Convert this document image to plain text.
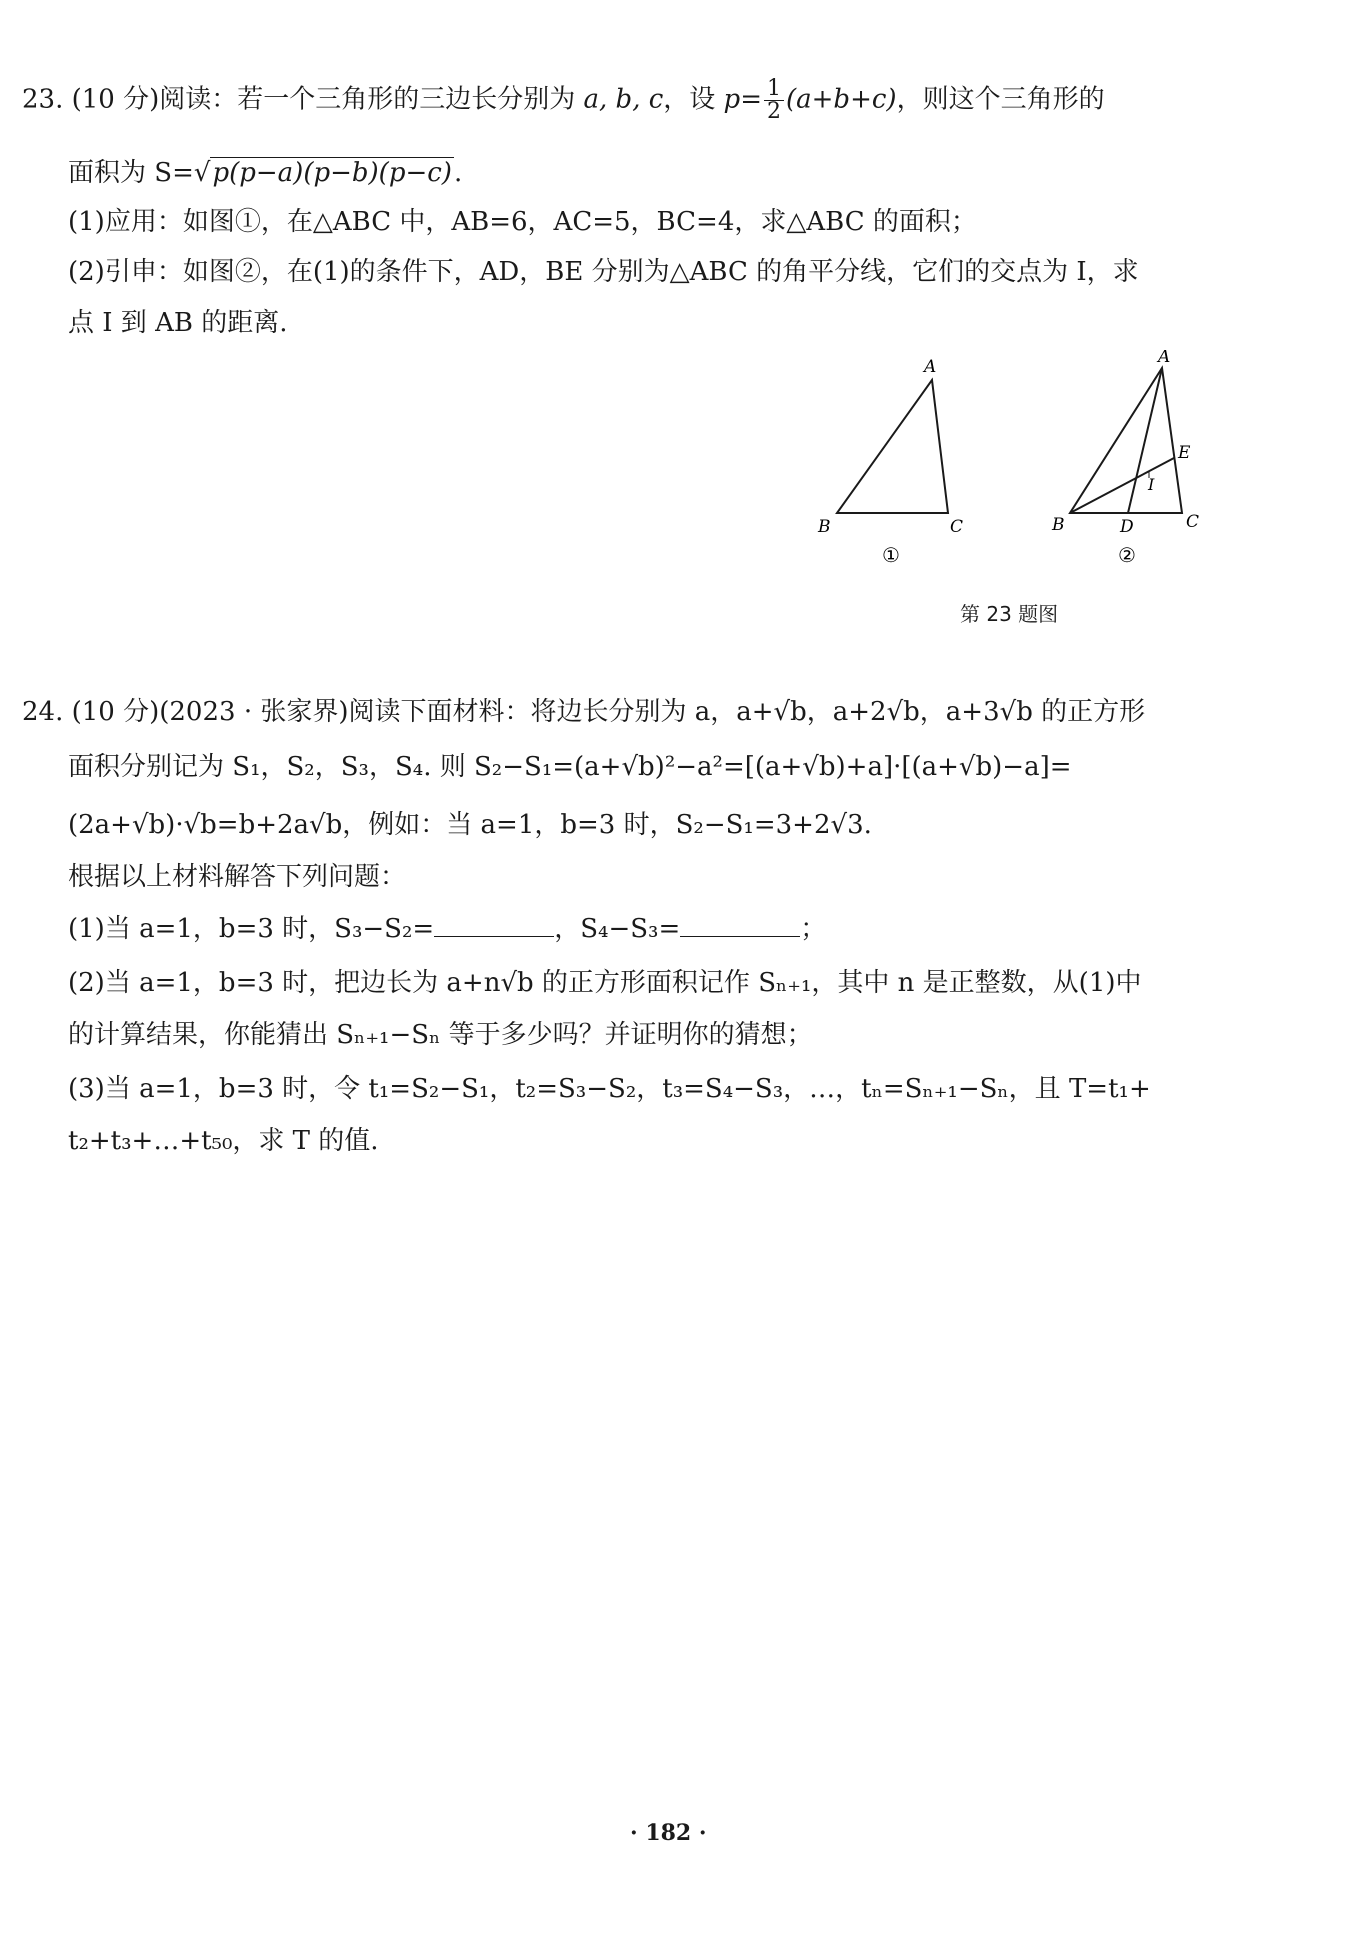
23. (10 分)阅读：若一个三角形的三边长分别为 a, b, c，设 $p= \frac{1}{2} (a+b+c)$，则这个三角形的
面积为 S=√p(p−a)(p−b)(p−c).
(1)应用：如图①，在△ABC 中，AB=6，AC=5，BC=4，求△ABC 的面积；
(2)引申：如图②，在(1)的条件下，AD，BE 分别为△ABC 的角平分线，它们的交点为 I，求
点 I 到 AB 的距离.
A
B	C
①
A
B	C
D
E
I
②
第 23 题图
24. (10 分)(2023 · 张家界)阅读下面材料：将边长分别为 a，a+√b，a+2√b，a+3√b 的正方形
面积分别记为 S₁，S₂，S₃，S₄. 则 S₂−S₁=(a+√b)²−a²=[(a+√b)+a]·[(a+√b)−a]=
(2a+√b)·√b=b+2a√b，例如：当 a=1，b=3 时，S₂−S₁=3+2√3.
根据以上材料解答下列问题：
(1)当 a=1，b=3 时，S₃−S₂=	，S₄−S₃=	；
(2)当 a=1，b=3 时，把边长为 a+n√b 的正方形面积记作 Sₙ₊₁，其中 n 是正整数，从(1)中
的计算结果，你能猜出 Sₙ₊₁−Sₙ 等于多少吗？并证明你的猜想；
(3)当 a=1，b=3 时，令 t₁=S₂−S₁，t₂=S₃−S₂，t₃=S₄−S₃，…，tₙ=Sₙ₊₁−Sₙ，且 T=t₁+
t₂+t₃+…+t₅₀，求 T 的值.
· 182 ·
